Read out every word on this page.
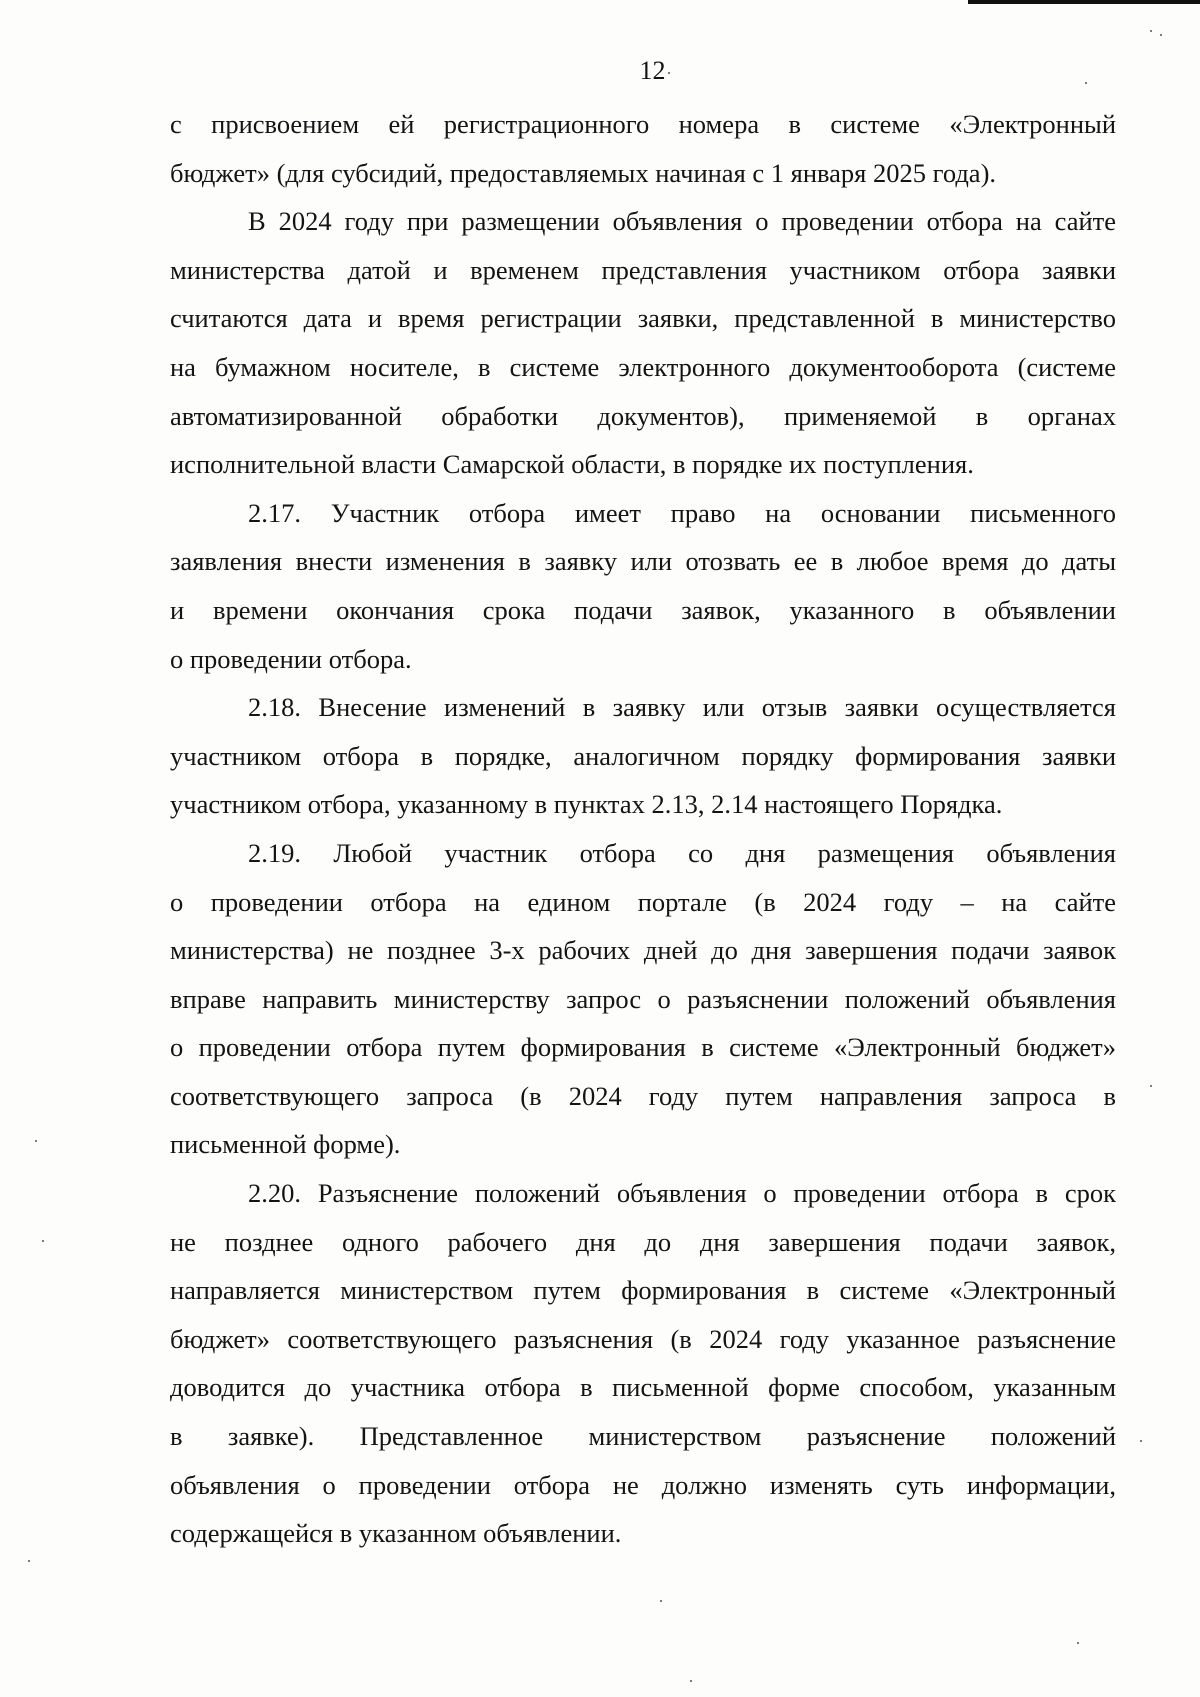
12
с присвоением ей регистрационного номера в системе «Электронный
бюджет» (для субсидий, предоставляемых начиная с 1 января 2025 года).
В 2024 году при размещении объявления о проведении отбора на сайте
министерства датой и временем представления участником отбора заявки
считаются дата и время регистрации заявки, представленной в министерство
на бумажном носителе, в системе электронного документооборота (системе
автоматизированной обработки документов), применяемой в органах
исполнительной власти Самарской области, в порядке их поступления.
2.17. Участник отбора имеет право на основании письменного
заявления внести изменения в заявку или отозвать ее в любое время до даты
и времени окончания срока подачи заявок, указанного в объявлении
о проведении отбора.
2.18. Внесение изменений в заявку или отзыв заявки осуществляется
участником отбора в порядке, аналогичном порядку формирования заявки
участником отбора, указанному в пунктах 2.13, 2.14 настоящего Порядка.
2.19. Любой участник отбора со дня размещения объявления
о проведении отбора на едином портале (в 2024 году – на сайте
министерства) не позднее 3-х рабочих дней до дня завершения подачи заявок
вправе направить министерству запрос о разъяснении положений объявления
о проведении отбора путем формирования в системе «Электронный бюджет»
соответствующего запроса (в 2024 году путем направления запроса в
письменной форме).
2.20. Разъяснение положений объявления о проведении отбора в срок
не позднее одного рабочего дня до дня завершения подачи заявок,
направляется министерством путем формирования в системе «Электронный
бюджет» соответствующего разъяснения (в 2024 году указанное разъяснение
доводится до участника отбора в письменной форме способом, указанным
в заявке). Представленное министерством разъяснение положений
объявления о проведении отбора не должно изменять суть информации,
содержащейся в указанном объявлении.
